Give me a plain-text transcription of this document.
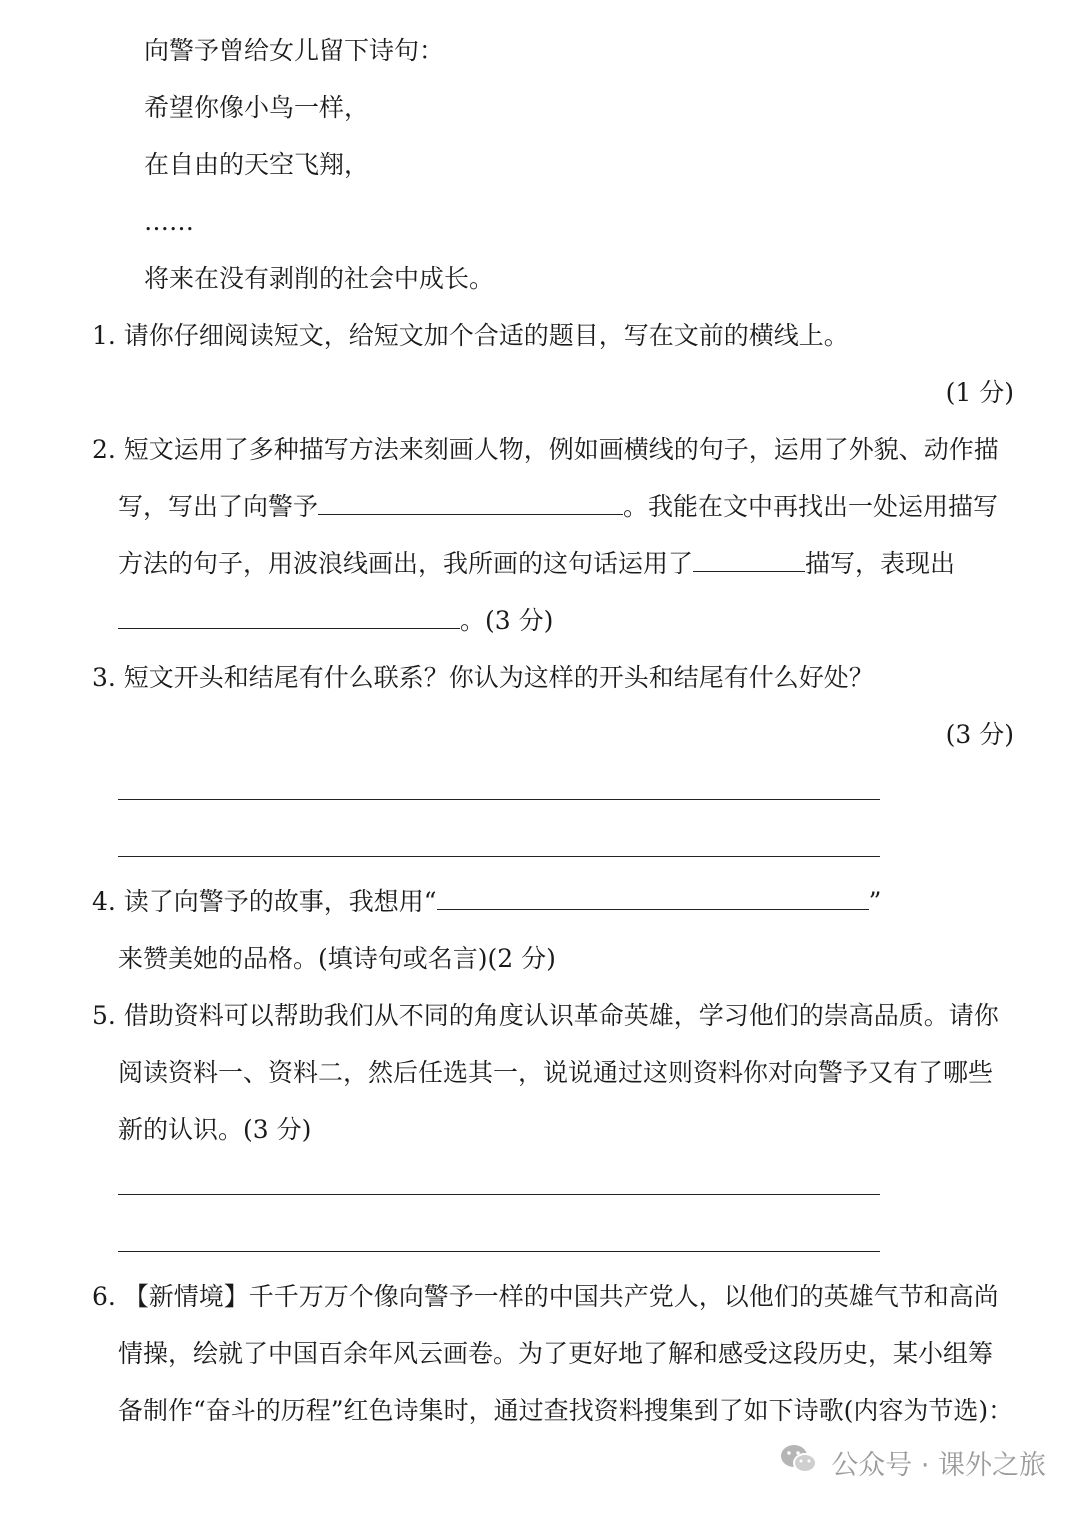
向警予曾给女儿留下诗句：
希望你像小鸟一样，
在自由的天空飞翔，
……
将来在没有剥削的社会中成长。
1. 请你仔细阅读短文，给短文加个合适的题目，写在文前的横线上。
(1 分)
2. 短文运用了多种描写方法来刻画人物，例如画横线的句子，运用了外貌、动作描
写，写出了向警予	。我能在文中再找出一处运用描写
方法的句子，用波浪线画出，我所画的这句话运用了	描写，表现出
。(3 分)
3. 短文开头和结尾有什么联系？你认为这样的开头和结尾有什么好处？
(3 分)
4. 读了向警予的故事，我想用“	”
来赞美她的品格。(填诗句或名言)(2 分)
5. 借助资料可以帮助我们从不同的角度认识革命英雄，学习他们的崇高品质。请你
阅读资料一、资料二，然后任选其一，说说通过这则资料你对向警予又有了哪些
新的认识。(3 分)
6. 【新情境】千千万万个像向警予一样的中国共产党人，以他们的英雄气节和高尚
情操，绘就了中国百余年风云画卷。为了更好地了解和感受这段历史，某小组筹
备制作“奋斗的历程”红色诗集时，通过查找资料搜集到了如下诗歌(内容为节选)：
公众号 · 课外之旅
